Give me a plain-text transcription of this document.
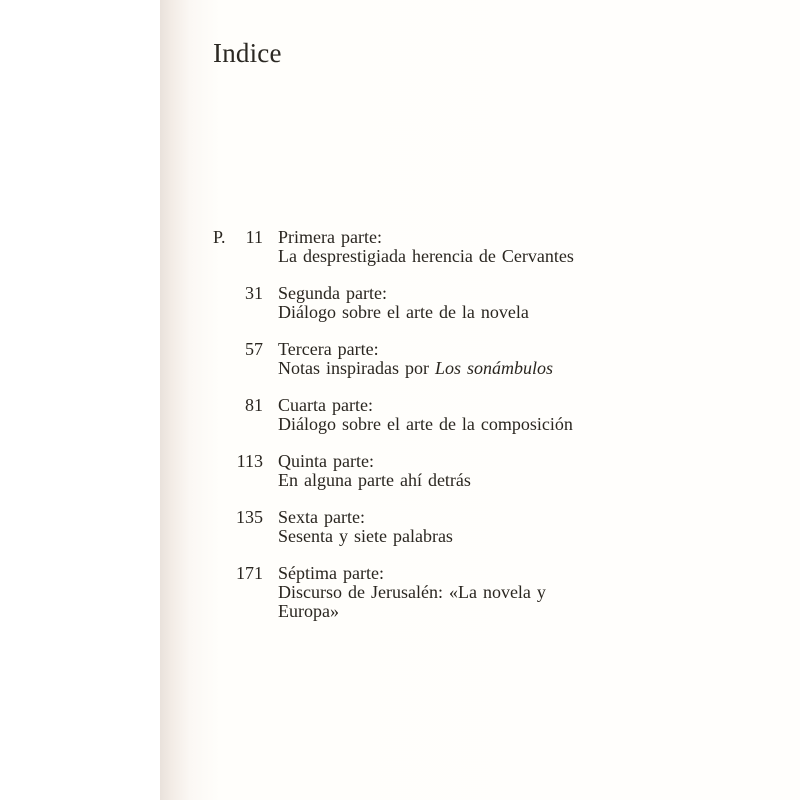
Indice
P.	11 Primera parte:
La desprestigiada herencia de Cervantes
31 Segunda parte:
Diálogo sobre el arte de la novela
57 Tercera parte:
Notas inspiradas por Los sonámbulos
81 Cuarta parte:
Diálogo sobre el arte de la composición
113 Quinta parte:
En alguna parte ahí detrás
135 Sexta parte:
Sesenta y siete palabras
171 Séptima parte:
Discurso de Jerusalén: «La novela y
Europa»
